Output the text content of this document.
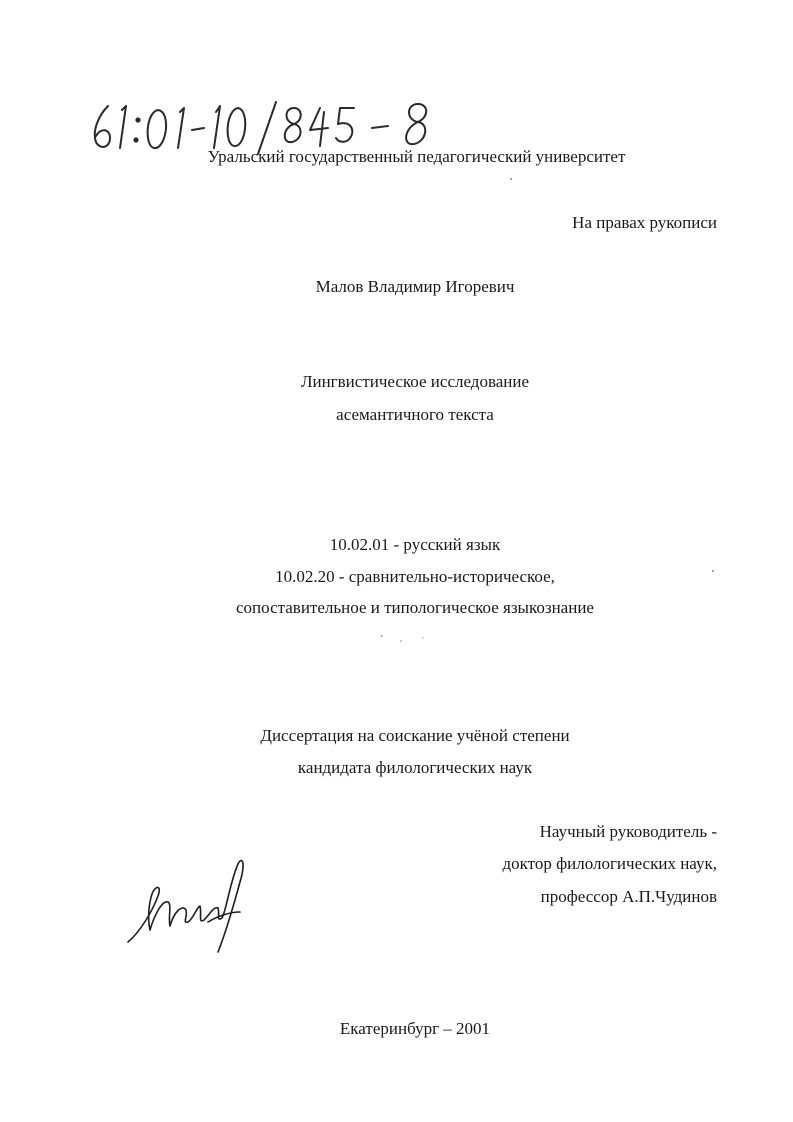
Уральский государственный педагогический университет
На правах рукописи
Малов Владимир Игоревич
Лингвистическое исследование
асемантичного текста
10.02.01 - русский язык
10.02.20 - сравнительно-историческое,
сопоставительное и типологическое языкознание
Диссертация на соискание учёной степени
кандидата филологических наук
Научный руководитель -
доктор филологических наук,
профессор А.П.Чудинов
Екатеринбург – 2001
